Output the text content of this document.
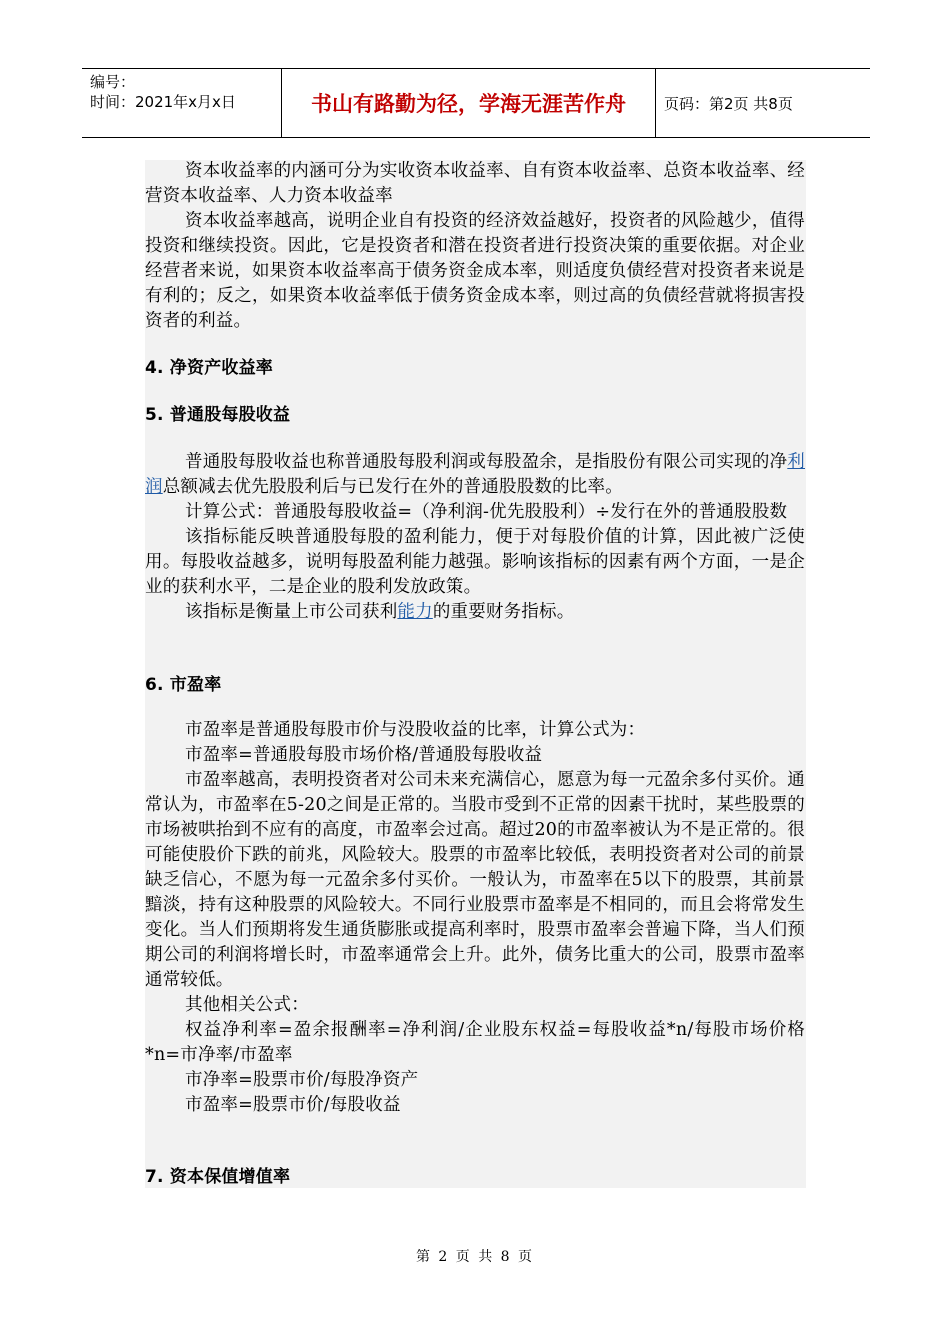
编号：
时间：2021年x月x日	书山有路勤为径，学海无涯苦作舟	页码：第2页 共8页

资本收益率的内涵可分为实收资本收益率、自有资本收益率、总资本收益率、经营资本收益率、人力资本收益率

资本收益率越高，说明企业自有投资的经济效益越好，投资者的风险越少，值得投资和继续投资。因此，它是投资者和潜在投资者进行投资决策的重要依据。对企业经营者来说，如果资本收益率高于债务资金成本率，则适度负债经营对投资者来说是有利的；反之，如果资本收益率低于债务资金成本率，则过高的负债经营就将损害投资者的利益。

4. 净资产收益率

5. 普通股每股收益

普通股每股收益也称普通股每股利润或每股盈余，是指股份有限公司实现的净利润总额减去优先股股利后与已发行在外的普通股股数的比率。

计算公式：普通股每股收益=（净利润-优先股股利）÷发行在外的普通股股数

该指标能反映普通股每股的盈利能力，便于对每股价值的计算，因此被广泛使用。每股收益越多，说明每股盈利能力越强。影响该指标的因素有两个方面，一是企业的获利水平，二是企业的股利发放政策。

该指标是衡量上市公司获利能力的重要财务指标。

6. 市盈率

市盈率是普通股每股市价与没股收益的比率，计算公式为：

市盈率=普通股每股市场价格/普通股每股收益

市盈率越高，表明投资者对公司未来充满信心，愿意为每一元盈余多付买价。通常认为，市盈率在5-20之间是正常的。当股市受到不正常的因素干扰时，某些股票的市场被哄抬到不应有的高度，市盈率会过高。超过20的市盈率被认为不是正常的。很可能使股价下跌的前兆，风险较大。股票的市盈率比较低，表明投资者对公司的前景缺乏信心，不愿为每一元盈余多付买价。一般认为，市盈率在5以下的股票，其前景黯淡，持有这种股票的风险较大。不同行业股票市盈率是不相同的，而且会将常发生变化。当人们预期将发生通货膨胀或提高利率时，股票市盈率会普遍下降，当人们预期公司的利润将增长时，市盈率通常会上升。此外，债务比重大的公司，股票市盈率通常较低。

其他相关公式：

权益净利率=盈余报酬率=净利润/企业股东权益=每股收益*n/每股市场价格*n=市净率/市盈率

市净率=股票市价/每股净资产

市盈率=股票市价/每股收益

7. 资本保值增值率

第 2 页 共 8 页
